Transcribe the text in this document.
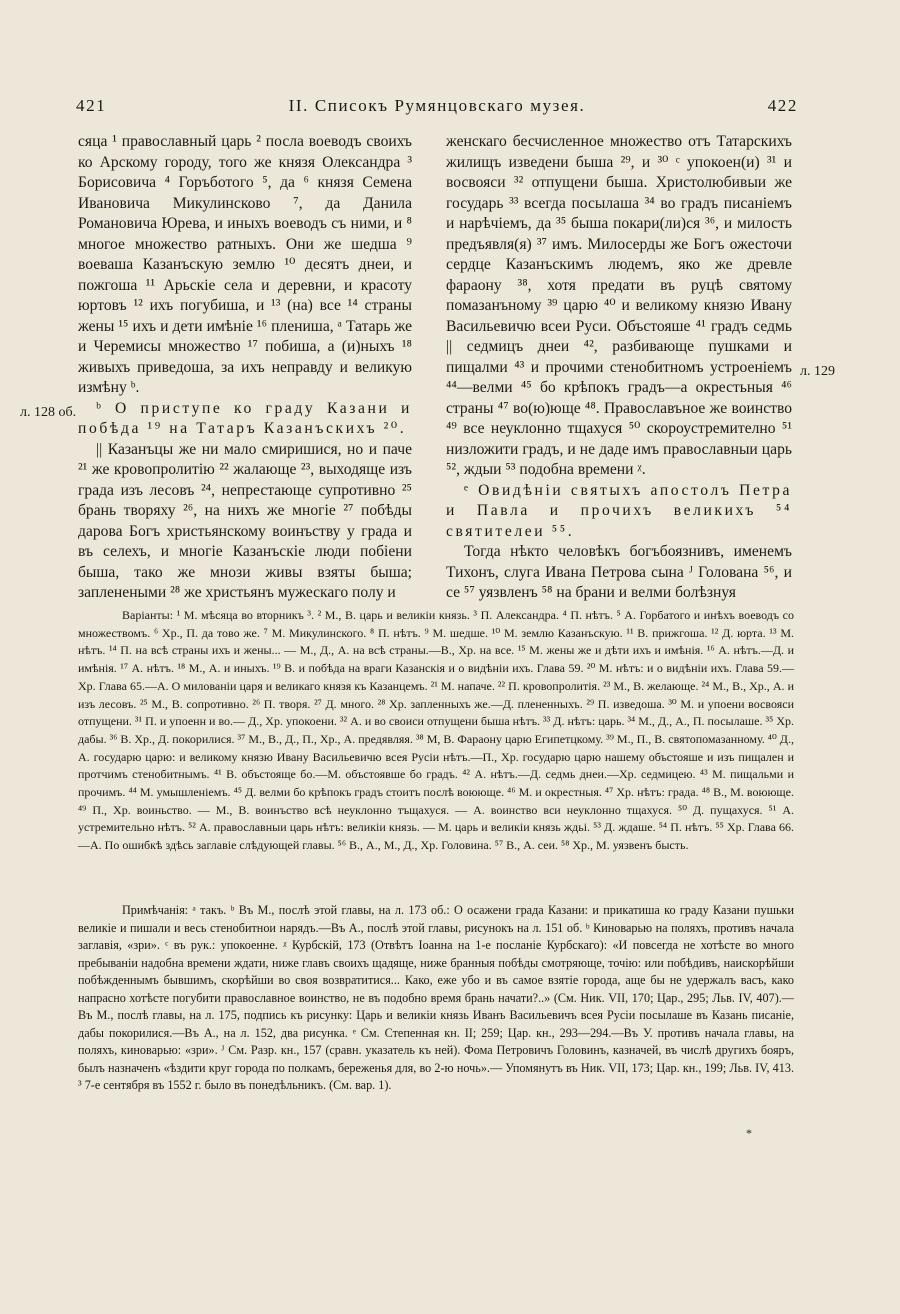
421	II. Списокъ Румянцовскаго музея.	422
л. 128 об.
л. 129

сяца ¹ православный царь ² посла воеводъ своихъ ко Арскому городу, того же князя Олександра ³ Борисовича ⁴ Горъботого ⁵, да ⁶ князя Семена Ивановича Микулинсково ⁷, да Данила Романовича Юрева, и иныхъ воеводъ съ ними, и ⁸ многое множество ратныхъ. Они же шедша ⁹ воеваша Казанъскую землю ¹⁰ десятъ днеи, и пожгоша ¹¹ Арьскіе села и деревни, и красоту юртовъ ¹² ихъ погубиша, и ¹³ (на) все ¹⁴ страны жены ¹⁵ ихъ и дети имѣніе ¹⁶ плениша, ᵃ Татарь же и Черемисы множество ¹⁷ побиша, а (и)ныхъ ¹⁸ живыхъ приведоша, за ихъ неправду и великую измѣну ᵇ.

ᵇ О приступе ко граду Казани и побѣда ¹⁹ на Татаръ Казанъскихъ ²⁰.

|| Казанъцы же ни мало смиришися, но и паче ²¹ же кровопролитію ²² жалающе ²³, выходяще изъ града изъ лесовъ ²⁴, непрестающе супротивно ²⁵ брань творяху ²⁶, на нихъ же многіе ²⁷ побѣды дарова Богъ христьянскому воинъству у града и въ селехъ, и многіе Казанъскіе люди побіени быша, тако же мнози живы взяты быша; запленеными ²⁸ же христьянъ мужескаго полу и

женскаго бесчисленное множество отъ Татарскихъ жилищъ изведени быша ²⁹, и ³⁰ ᶜ упокоен(и) ³¹ и восвояси ³² отпущени быша. Христолюбивыи же государь ³³ всегда посылаша ³⁴ во градъ писаніемъ и нарѣчіемъ, да ³⁵ быша покари(ли)ся ³⁶, и милость предъявля(я) ³⁷ имъ. Милосерды же Богъ ожесточи сердце Казанъскимъ людемъ, яко же древле фараону ³⁸, хотя предати въ руцѣ святому помазанъному ³⁹ царю ⁴⁰ и великому князю Ивану Васильевичю всеи Руси. Объстояше ⁴¹ градъ седмь || седмицъ днеи ⁴², разбивающе пушками и пищалми ⁴³ и прочими стенобитномъ устроеніемъ ⁴⁴—велми ⁴⁵ бо крѣпокъ градъ—а окрестьныя ⁴⁶ страны ⁴⁷ во(ю)юще ⁴⁸. Православъное же воинство ⁴⁹ все неуклонно тщахуся ⁵⁰ скороустремително ⁵¹ низложити градъ, и не даде имъ православныи царь ⁵², ждыи ⁵³ подобна времени ᵡ.

ᵉ Овидѣніи святыхъ апостолъ Петра и Павла и прочихъ великихъ ⁵⁴ святителеи ⁵⁵.

Тогда нѣкто человѣкъ богъбоязнивъ, именемъ Тихонъ, слуга Ивана Петрова сына ᴶ Голована ⁵⁶, и се ⁵⁷ уязвленъ ⁵⁸ на брани и велми болѣзнуя

Варіанты: ¹ М. мѣсяца во вторникъ ³. ² М., В. царь и великіи князь. ³ П. Александра. ⁴ П. нѣтъ. ⁵ А. Горбатого и инѣхъ воеводъ со множествомъ. ⁶ Хр., П. да тово же. ⁷ М. Микулинского. ⁸ П. нѣтъ. ⁹ М. шедше. ¹⁰ М. землю Казанъскую. ¹¹ В. прижгоша. ¹² Д. юрта. ¹³ М. нѣтъ. ¹⁴ П. на всѣ страны ихъ и жены... — М., Д., А. на всѣ страны.—В., Хр. на все. ¹⁵ М. жены же и дѣти ихъ и имѣнія. ¹⁶ А. нѣтъ.—Д. и имѣнія. ¹⁷ А. нѣтъ. ¹⁸ М., А. и иныхъ. ¹⁹ В. и побѣда на враги Казанскія и о видѣніи ихъ. Глава 59. ²⁰ М. нѣтъ: и о видѣніи ихъ. Глава 59.—Хр. Глава 65.—А. О милованіи царя и великаго князя къ Казанцемъ. ²¹ М. напаче. ²² П. кровопролитія. ²³ М., В. желающе. ²⁴ М., В., Хр., А. и изъ лесовъ. ²⁵ М., В. сопротивно. ²⁶ П. творя. ²⁷ Д. много. ²⁸ Хр. запленныхъ же.—Д. плененныхъ. ²⁹ П. изведоша. ³⁰ М. и упоени восвояси отпущени. ³¹ П. и упоенн и во.— Д., Хр. упокоени. ³² А. и во своиси отпущени быша нѣтъ. ³³ Д. нѣтъ: царь. ³⁴ М., Д., А., П. посылаше. ³⁵ Хр. дабы. ³⁶ В. Хр., Д. покорилися. ³⁷ М., В., Д., П., Хр., А. предявляя. ³⁸ М, В. Фараону царю Египетцкому. ³⁹ М., П., В. святопомазанному. ⁴⁰ Д., А. государю царю: и великому князю Ивану Васильевичю всея Русіи нѣтъ.—П., Хр. государю царю нашему объстояше и изъ пищален и протчимъ стенобитнымъ. ⁴¹ В. объстояще бо.—М. объстоявше бо градъ. ⁴² А. нѣтъ.—Д. седмь днеи.—Хр. седмицею. ⁴³ М. пищальми и прочимъ. ⁴⁴ М. умышленіемъ. ⁴⁵ Д. велми бо крѣпокъ градъ стоитъ послѣ воююще. ⁴⁶ М. и окрестныя. ⁴⁷ Хр. нѣтъ: града. ⁴⁸ В., М. воююще. ⁴⁹ П., Хр. воиньство. — М., В. воинъство всѣ неуклонно тъщахуся. — А. воинство вси неуклонно тщахуся. ⁵⁰ Д. пущахуся. ⁵¹ А. устремительно нѣтъ. ⁵² А. православныи царь нѣтъ: великіи князь. — М. царь и великіи князь ждьі. ⁵³ Д. ждаше. ⁵⁴ П. нѣтъ. ⁵⁵ Хр. Глава 66.—А. По ошибкѣ здѣсь заглавіе слѣдующей главы. ⁵⁶ В., А., М., Д., Хр. Головина. ⁵⁷ В., А. сеи. ⁵⁸ Хр., М. уязвенъ бысть.

Примѣчанія: ᵃ такъ. ᵇ Въ М., послѣ этой главы, на л. 173 об.: О осажени града Казани: и прикатиша ко граду Казани пушьки великіе и пишали и весь стенобитнои нарядъ.—Въ А., послѣ этой главы, рисунокъ на л. 151 об. ᵇ Киноварью на поляхъ, противъ начала заглавія, «зри». ᶜ въ рук.: упокоеннe. ᵡ Курбскій, 173 (Отвѣтъ Іоанна на 1-е посланіе Курбскаго): «И повсегда не хотѣсте во много пребываніи надобна времени ждати, ниже главъ своихъ щадяще, ниже бранныя побѣды смотряюще, точію: или побѣдивъ, наискорѣйши побѣжденнымъ бывшимъ, скорѣйши во своя возвратитися... Како, еже убо и въ самое взятіе города, аще бы не удержалъ васъ, како напрасно хотѣсте погубити православное воинство, не въ подобно время брань начати?..» (См. Ник. VII, 170; Цар., 295; Льв. IV, 407).—Въ М., послѣ главы, на л. 175, подпись къ рисунку: Царь и великіи князь Иванъ Васильевичъ всея Русіи посылаше въ Казань писаніе, дабы покорилися.—Въ А., на л. 152, два рисунка. ᵉ См. Степенная кн. II; 259; Цар. кн., 293—294.—Въ У. противъ начала главы, на поляхъ, киноварью: «зри». ᴶ См. Разр. кн., 157 (сравн. указатель къ ней). Фома Петровичъ Головинъ, казначей, въ числѣ другихъ бояръ, былъ назначенъ «ѣздити круг города по полкамъ, береженья для, во 2-ю ночь».— Упомянутъ въ Ник. VII, 173; Цар. кн., 199; Льв. IV, 413. ³ 7-е сентября въ 1552 г. было въ понедѣльникъ. (См. вар. 1).

*
